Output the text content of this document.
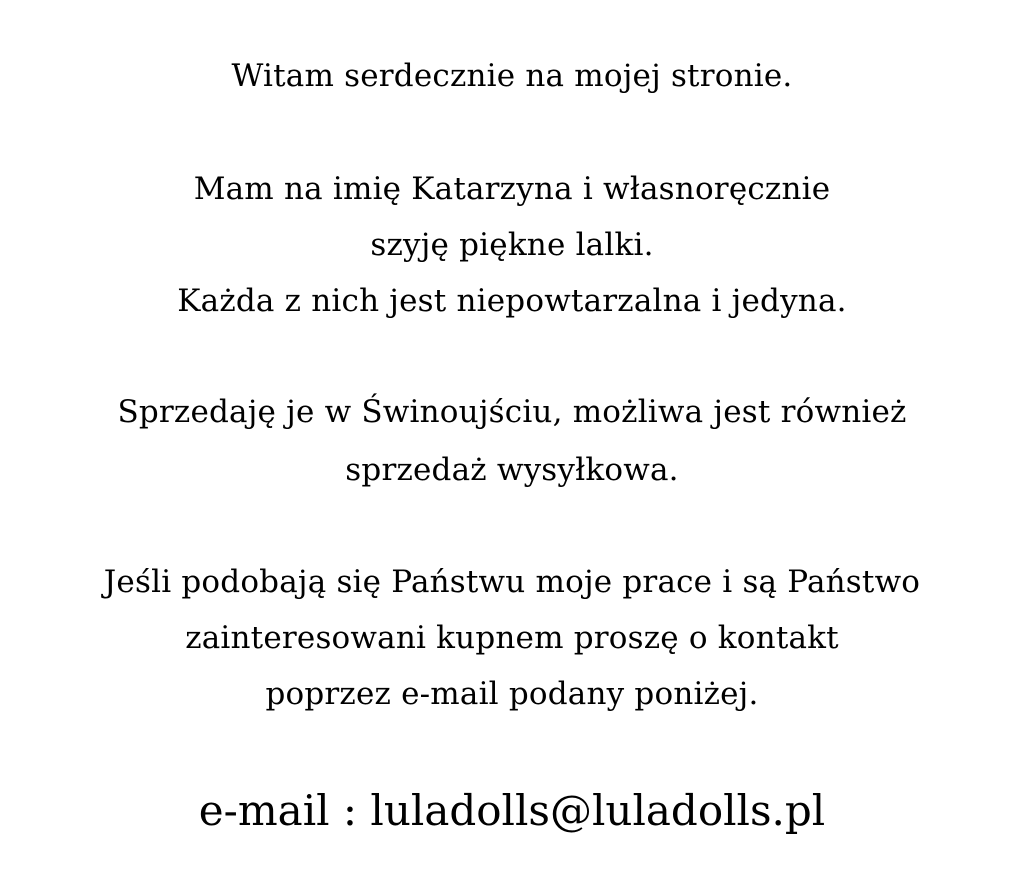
Witam serdecznie na mojej stronie.
Mam na imię Katarzyna i własnoręcznie
szyję piękne lalki.
Każda z nich jest niepowtarzalna i jedyna.
Sprzedaję je w Świnoujściu, możliwa jest również
sprzedaż wysyłkowa.
Jeśli podobają się Państwu moje prace i są Państwo
zainteresowani kupnem proszę o kontakt
poprzez e-mail podany poniżej.
e-mail : luladolls@luladolls.pl
